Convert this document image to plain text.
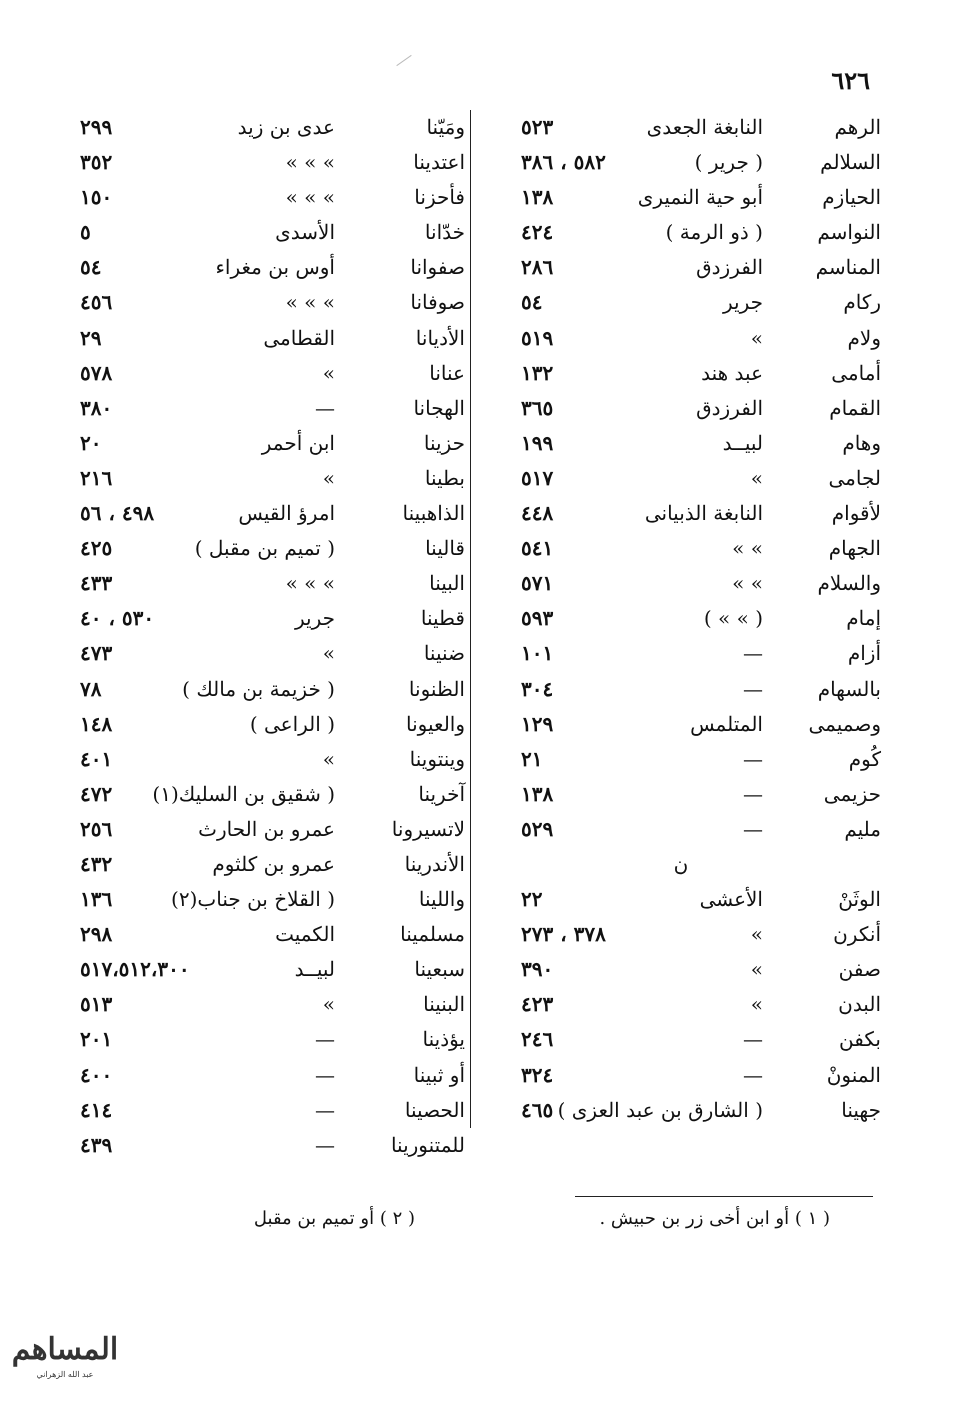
٦٢٦
الرهم
النابغة الجعدى
٥٢٣
السلالم
( جرير )
٥٨٢ ، ٣٨٦
الحيازم
أبو حية النميرى
١٣٨
النواسم
( ذو الرمة )
٤٢٤
المناسم
الفرزدق
٢٨٦
ركام
جرير
٥٤
ولام
»
٥١٩
أمامى
عبد هند
١٣٢
القمام
الفرزدق
٣٦٥
وهام
لبيــد
١٩٩
لجامى
»
٥١٧
لأقوام
النابغة الذبيانى
٤٤٨
الجهام
» »
٥٤١
والسلام
» »
٥٧١
إمام
( » » )
٥٩٣
أزام
—
١٠١
بالسهام
—
٣٠٤
وصميمى
المتلمس
١٢٩
كُوم
—
٢١
حزيمى
—
١٣٨
مليم
—
٥٢٩
ن
الوثَنْ
الأعشى
٢٢
أنكرن
»
٣٧٨ ، ٢٧٣
صفن
»
٣٩٠
البدن
»
٤٢٣
بكفن
—
٢٤٦
المنونْ
—
٣٢٤
جهينا
( الشارق بن عبد العزى )
٤٦٥
ومَيّنا
عدى بن زيد
٢٩٩
اعتدينا
» » »
٣٥٢
فأحزنا
» » »
١٥٠
خدّانا
الأسدى
٥
صفوانا
أوس بن مغراء
٥٤
صوفانا
» » »
٤٥٦
الأديانا
القطامى
٢٩
عنانا
»
٥٧٨
الهجانا
—
٣٨٠
حزينا
ابن أحمر
٢٠
بطينا
»
٢١٦
الذاهبينا
امرؤ القيس
٤٩٨ ، ٥٦
قالينا
( تميم بن مقبل )
٤٢٥
البينا
» » »
٤٣٣
قطينا
جرير
٥٣٠ ، ٤٠
ضنينا
»
٤٧٣
الظنونا
( خزيمة بن مالك )
٧٨
والعيونا
( الراعى )
١٤٨
وينتوينا
»
٤٠١
آخرينا
( شقيق بن السليك(١)
٤٧٢
لاتسيرونا
عمرو بن الحارث
٢٥٦
الأندرينا
عمرو بن كلثوم
٤٣٢
واللينا
( القلاخ بن جناب(٢)
١٣٦
مسلمينا
الكميت
٢٩٨
سبعينا
لبيــد
٥١٧،٥١٢،٣٠٠
البنينا
»
٥١٣
يؤذينا
—
٢٠١
أو ثبينا
—
٤٠٠
الحصينا
—
٤١٤
للمتنورينا
—
٤٣٩
( ١ ) أو ابن أخى زر بن حبيش .
( ٢ ) أو تميم بن مقبل
المساهم
عبد الله الزهراني
